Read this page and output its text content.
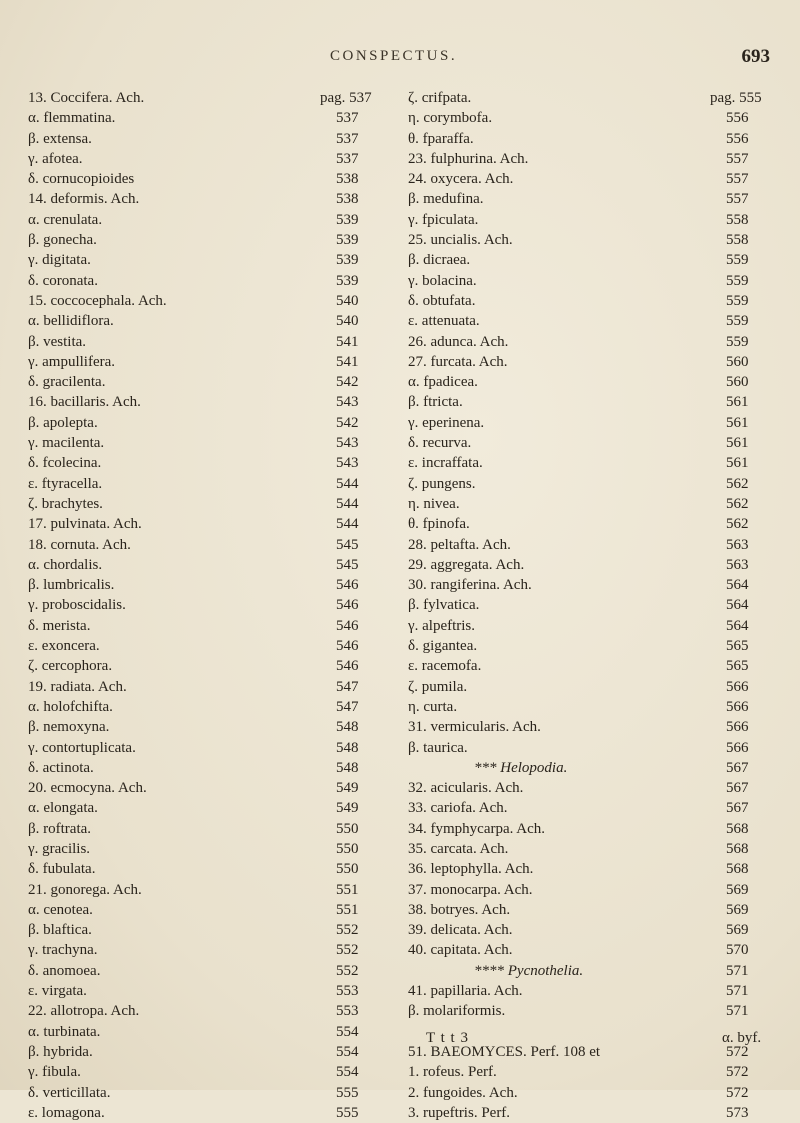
CONSPECTUS.	693
13. Coccifera. Ach.	pag. 537
α. flemmatina.	537
β. extensa.	537
γ. afotea.	537
δ. cornucopioides	538
14. deformis. Ach.	538
α. crenulata.	539
β. gonecha.	539
γ. digitata.	539
δ. coronata.	539
15. coccocephala. Ach.	540
α. bellidiflora.	540
β. vestita.	541
γ. ampullifera.	541
δ. gracilenta.	542
16. bacillaris. Ach.	543
β. apolepta.	542
γ. macilenta.	543
δ. fcolecina.	543
ε. ftyracella.	544
ζ. brachytes.	544
17. pulvinata. Ach.	544
18. cornuta. Ach.	545
α. chordalis.	545
β. lumbricalis.	546
γ. proboscidalis.	546
δ. merista.	546
ε. exoncera.	546
ζ. cercophora.	546
19. radiata. Ach.	547
α. holofchifta.	547
β. nemoxyna.	548
γ. contortuplicata.	548
δ. actinota.	548
20. ecmocyna. Ach.	549
α. elongata.	549
β. roftrata.	550
γ. gracilis.	550
δ. fubulata.	550
21. gonorega. Ach.	551
α. cenotea.	551
β. blaftica.	552
γ. trachyna.	552
δ. anomoea.	552
ε. virgata.	553
22. allotropa. Ach.	553
α. turbinata.	554
β. hybrida.	554
γ. fibula.	554
δ. verticillata.	555
ε. lomagona.	555
ζ. crifpata.	pag. 555
η. corymbofa.	556
θ. fparaffa.	556
23. fulphurina. Ach.	557
24. oxycera. Ach.	557
β. medufina.	557
γ. fpiculata.	558
25. uncialis. Ach.	558
β. dicraea.	559
γ. bolacina.	559
δ. obtufata.	559
ε. attenuata.	559
26. adunca. Ach.	559
27. furcata. Ach.	560
α. fpadicea.	560
β. ftricta.	561
γ. eperinena.	561
δ. recurva.	561
ε. incraffata.	561
ζ. pungens.	562
η. nivea.	562
θ. fpinofa.	562
28. peltafta. Ach.	563
29. aggregata. Ach.	563
30. rangiferina. Ach.	564
β. fylvatica.	564
γ. alpeftris.	564
δ. gigantea.	565
ε. racemofa.	565
ζ. pumila.	566
η. curta.	566
31. vermicularis. Ach.	566
β. taurica.	566
*** Helopodia.	567
32. acicularis. Ach.	567
33. cariofa. Ach.	567
34. fymphycarpa. Ach.	568
35. carcata. Ach.	568
36. leptophylla. Ach.	568
37. monocarpa. Ach.	569
38. botryes. Ach.	569
39. delicata. Ach.	569
40. capitata. Ach.	570
**** Pycnothelia.	571
41. papillaria. Ach.	571
β. molariformis.	571
51. BAEOMYCES. Perf. 108 et	572
1. rofeus. Perf.	572
2. fungoides. Ach.	572
3. rupeftris. Perf.	573
T t t 3	α. byf.
